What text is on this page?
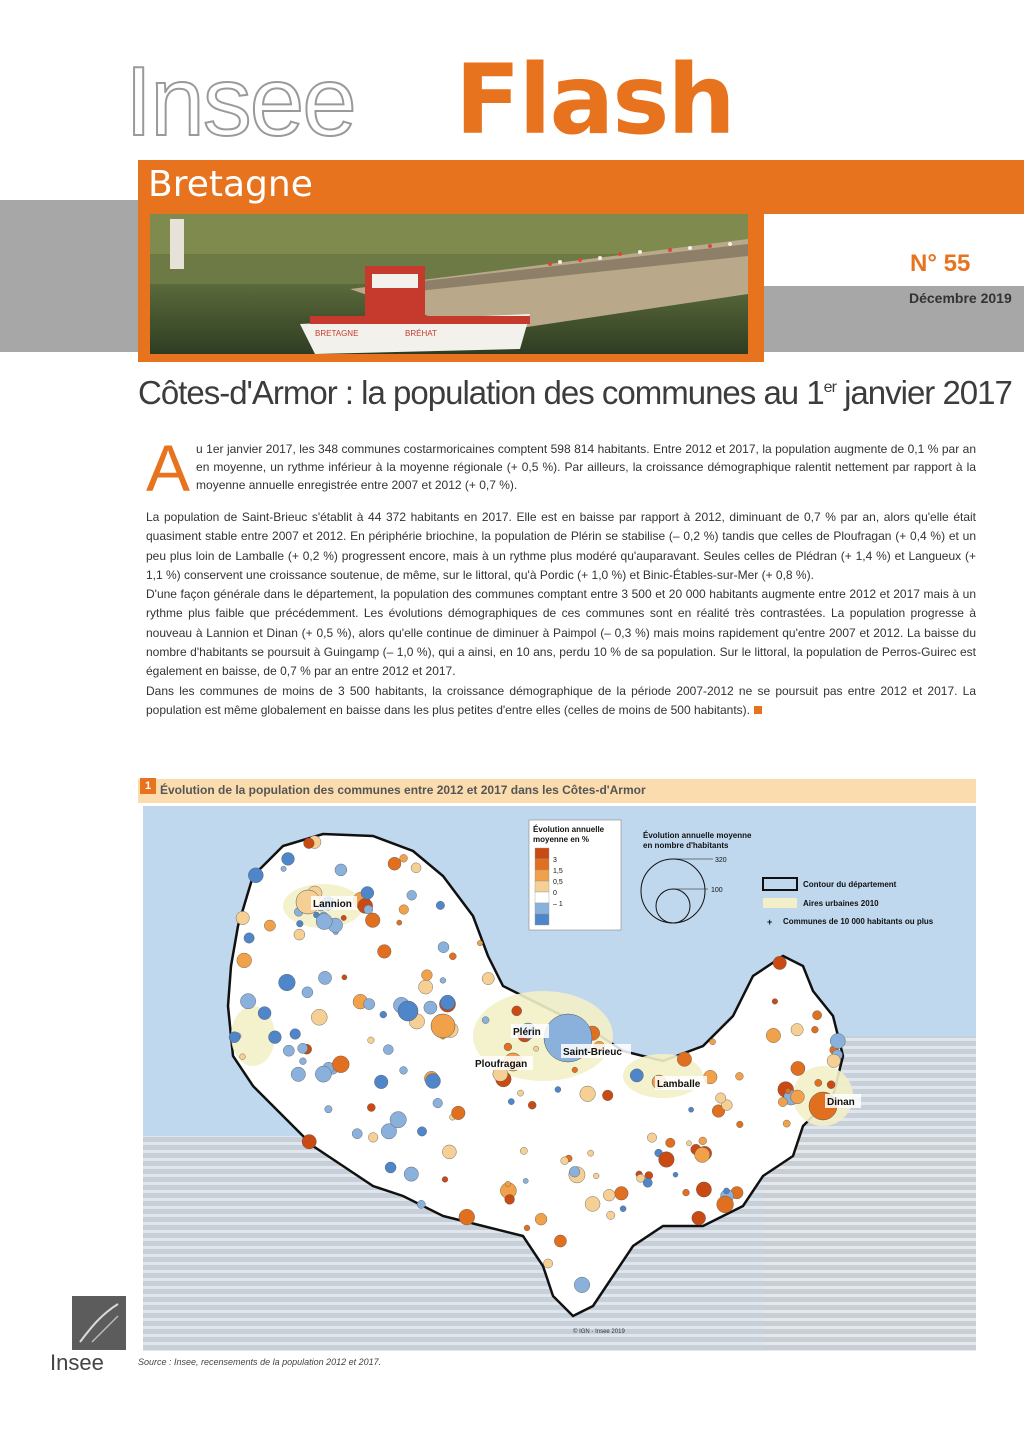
Insee Flash
Bretagne
BRETAGNE	BRÉHAT
N° 55
Décembre 2019
Côtes-d'Armor : la population des communes au 1er janvier 2017
A u 1er janvier 2017, les 348 communes costarmoricaines comptent 598 814 habitants. Entre 2012 et 2017, la population augmente de 0,1 % par an en moyenne, un rythme inférieur à la moyenne régionale (+ 0,5 %). Par ailleurs, la croissance démographique ralentit nettement par rapport à la moyenne annuelle enregistrée entre 2007 et 2012 (+ 0,7 %).

La population de Saint-Brieuc s'établit à 44 372 habitants en 2017. Elle est en baisse par rapport à 2012, diminuant de 0,7 % par an, alors qu'elle était quasiment stable entre 2007 et 2012. En périphérie briochine, la population de Plérin se stabilise (– 0,2 %) tandis que celles de Ploufragan (+ 0,4 %) et un peu plus loin de Lamballe (+ 0,2 %) progressent encore, mais à un rythme plus modéré qu'auparavant. Seules celles de Plédran (+ 1,4 %) et Langueux (+ 1,1 %) conservent une croissance soutenue, de même, sur le littoral, qu'à Pordic (+ 1,0 %) et Binic-Étables-sur-Mer (+ 0,8 %).

D'une façon générale dans le département, la population des communes comptant entre 3 500 et 20 000 habitants augmente entre 2012 et 2017 mais à un rythme plus faible que précédemment. Les évolutions démographiques de ces communes sont en réalité très contrastées. La population progresse à nouveau à Lannion et Dinan (+ 0,5 %), alors qu'elle continue de diminuer à Paimpol (– 0,3 %) mais moins rapidement qu'entre 2007 et 2012. La baisse du nombre d'habitants se poursuit à Guingamp (– 1,0 %), qui a ainsi, en 10 ans, perdu 10 % de sa population. Sur le littoral, la population de Perros-Guirec est également en baisse, de 0,7 % par an entre 2012 et 2017.

Dans les communes de moins de 3 500 habitants, la croissance démographique de la période 2007-2012 ne se poursuit pas entre 2012 et 2017. La population est même globalement en baisse dans les plus petites d'entre elles (celles de moins de 500 habitants).

1 Évolution de la population des communes entre 2012 et 2017 dans les Côtes-d'Armor
Lannion
Plérin
Saint-Brieuc
Ploufragan
Lamballe
Dinan
Évolution annuelle
moyenne en %
3
1,5
0,5
0
– 1
Évolution annuelle moyenne
en nombre d'habitants
320
100
Contour du département
Aires urbaines 2010
+ Communes de 10 000 habitants ou plus
© IGN - Insee 2019
Source : Insee, recensements de la population 2012 et 2017.
Insee
